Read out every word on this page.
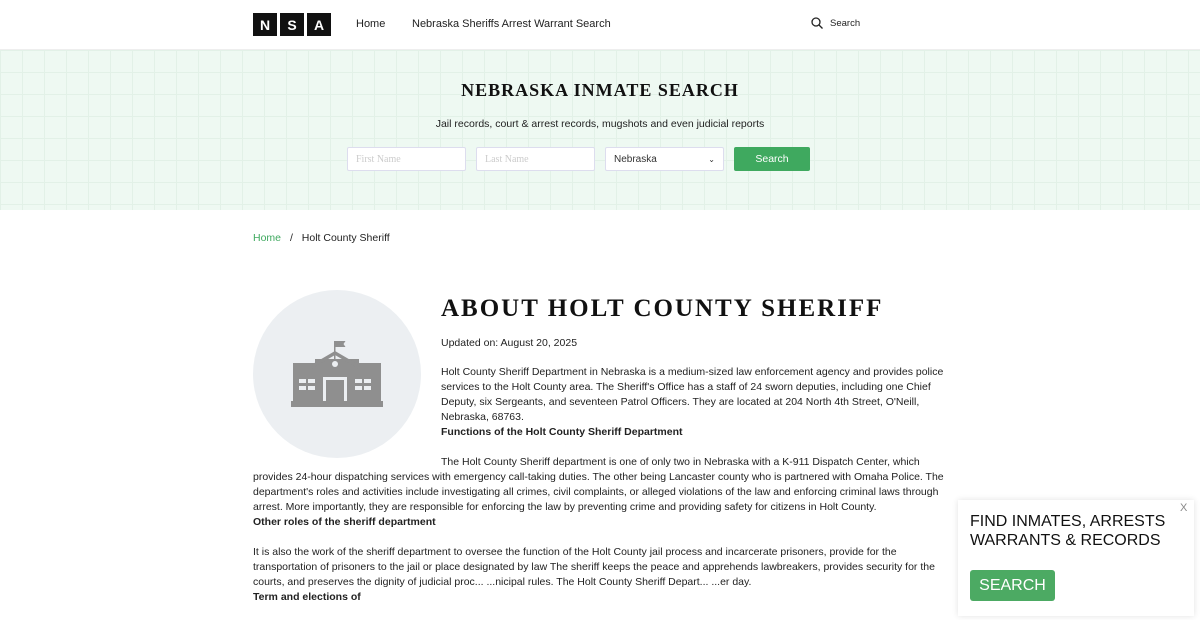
N	S	A	Home Nebraska Sheriffs Arrest Warrant Search	Search
NEBRASKA INMATE SEARCH

Jail records, court & arrest records, mugshots and even judicial reports

First Name	Last Name	Nebraska	⌄	Search
Home / Holt County Sheriff
ABOUT HOLT COUNTY SHERIFF
Updated on: August 20, 2025

Holt County Sheriff Department in Nebraska is a medium-sized law enforcement agency and provides police services to the Holt County area. The Sheriff's Office has a staff of 24 sworn deputies, including one Chief Deputy, six Sergeants, and seventeen Patrol Officers. They are located at 204 North 4th Street, O'Neill, Nebraska, 68763.

Functions of the Holt County Sheriff Department

The Holt County Sheriff department is one of only two in Nebraska with a K-911 Dispatch Center, which provides 24-hour dispatching services with emergency call-taking duties. The other being Lancaster county who is partnered with Omaha Police. The department's roles and activities include investigating all crimes, civil complaints, or alleged violations of the law and enforcing criminal laws through arrest. More importantly, they are responsible for enforcing the law by preventing crime and providing safety for citizens in Holt County.

Other roles of the sheriff department

It is also the work of the sheriff department to oversee the function of the Holt County jail process and incarcerate prisoners, provide for the transportation of prisoners to the jail or place designated by law The sheriff keeps the peace and apprehends lawbreakers, provides security for the courts, and preserves the dignity of judicial proc... ...nicipal rules. The Holt County Sheriff Depart... ...er day.

Term and elections of
FIND INMATES, ARRESTS
WARRANTS & RECORDS
SEARCH
X
